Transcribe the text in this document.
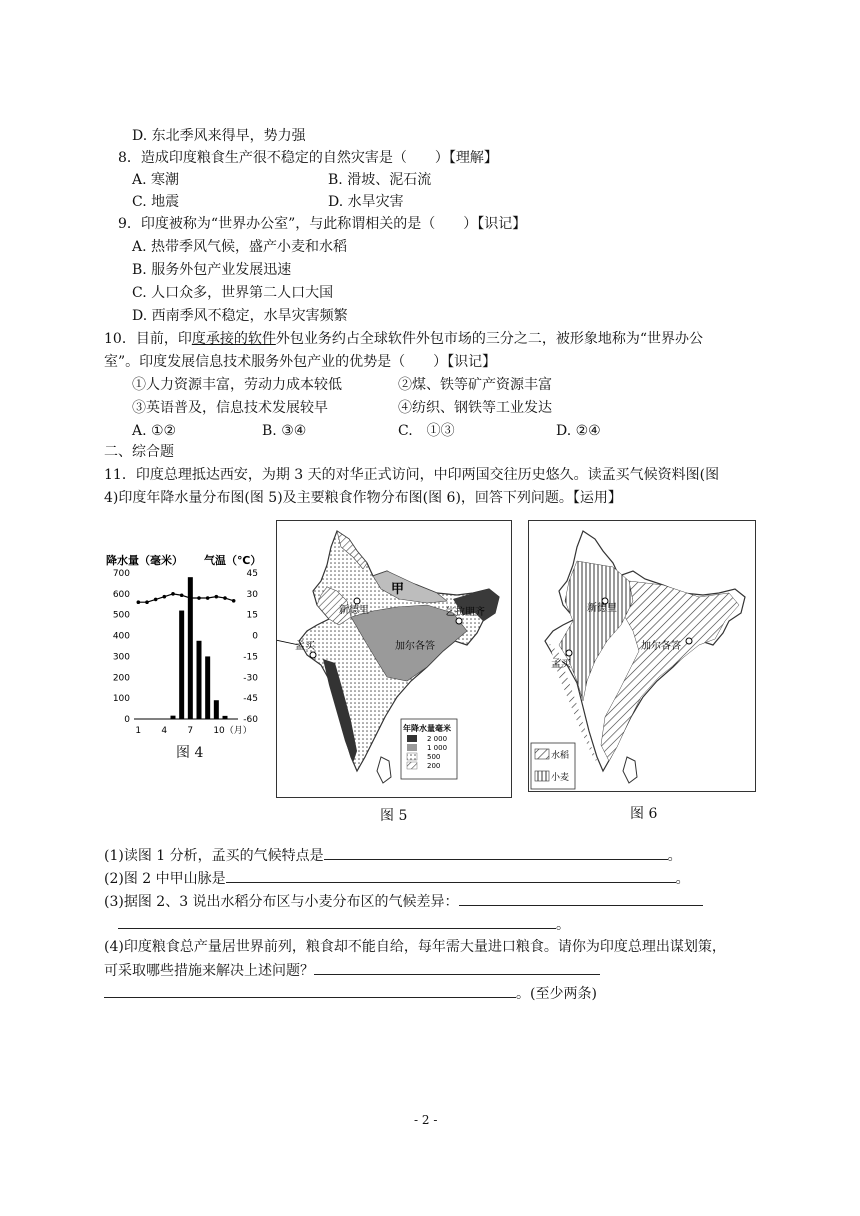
D. 东北季风来得早，势力强
8．造成印度粮食生产很不稳定的自然灾害是（　　）【理解】
A. 寒潮	B. 滑坡、泥石流
C. 地震	D. 水旱灾害
9．印度被称为“世界办公室”，与此称谓相关的是（　　）【识记】
A. 热带季风气候，盛产小麦和水稻
B. 服务外包产业发展迅速
C. 人口众多，世界第二人口大国
D. 西南季风不稳定，水旱灾害频繁
10．目前，印度承接的软件外包业务约占全球软件外包市场的三分之二，被形象地称为“世界办公
室”。印度发展信息技术服务外包产业的优势是（　　）【识记】
①人力资源丰富，劳动力成本较低	②煤、铁等矿产资源丰富
③英语普及，信息技术发展较早	④纺织、钢铁等工业发达
A. ①②	B. ③④	C.　①③	D. ②④
二、综合题
11．印度总理抵达西安，为期 3 天的对华正式访问，中印两国交往历史悠久。读孟买气候资料图(图
4)印度年降水量分布图(图 5)及主要粮食作物分布图(图 6)，回答下列问题。【运用】
降水量（毫米） 气温（℃）
700
600
500
400
300
200
100
0
45
30
15
0
-15
-30
-45
-60
1 4 7 10（月）
图 4
新德里
甲
乞拉朋齐
加尔各答
孟买
年降水量毫米
2 000
1 000
500
200
图 5
新德里
加尔各答
孟买
水稻
小麦
图 6
(1)读图 1 分析，孟买的气候特点是	。
(2)图 2 中甲山脉是	。
(3)据图 2、3 说出水稻分布区与小麦分布区的气候差异：
。
(4)印度粮食总产量居世界前列，粮食却不能自给，每年需大量进口粮食。请你为印度总理出谋划策，
可采取哪些措施来解决上述问题？
。(至少两条)
- 2 -
